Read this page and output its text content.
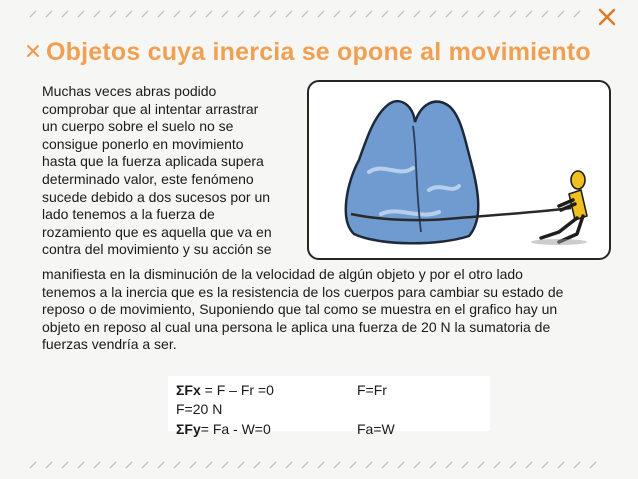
Objetos cuya inercia se opone al movimiento
Muchas veces abras podido
comprobar que al intentar arrastrar
un cuerpo sobre el suelo no se
consigue ponerlo en movimiento
hasta que la fuerza aplicada supera
determinado valor, este fenómeno
sucede debido a dos sucesos por un
lado tenemos a la fuerza de
rozamiento que es aquella que va en
contra del movimiento y su acción se
manifiesta en la disminución de la velocidad de algún objeto y por el otro lado
tenemos a la inercia que es la resistencia de los cuerpos para cambiar su estado de
reposo o de movimiento, Suponiendo que tal como se muestra en el grafico hay un
objeto en reposo al cual una persona le aplica una fuerza de 20 N la sumatoria de
fuerzas vendría a ser.

ΣFx = F – Fr =0	F=Fr

F=20 N

ΣFy= Fa - W=0	Fa=W
